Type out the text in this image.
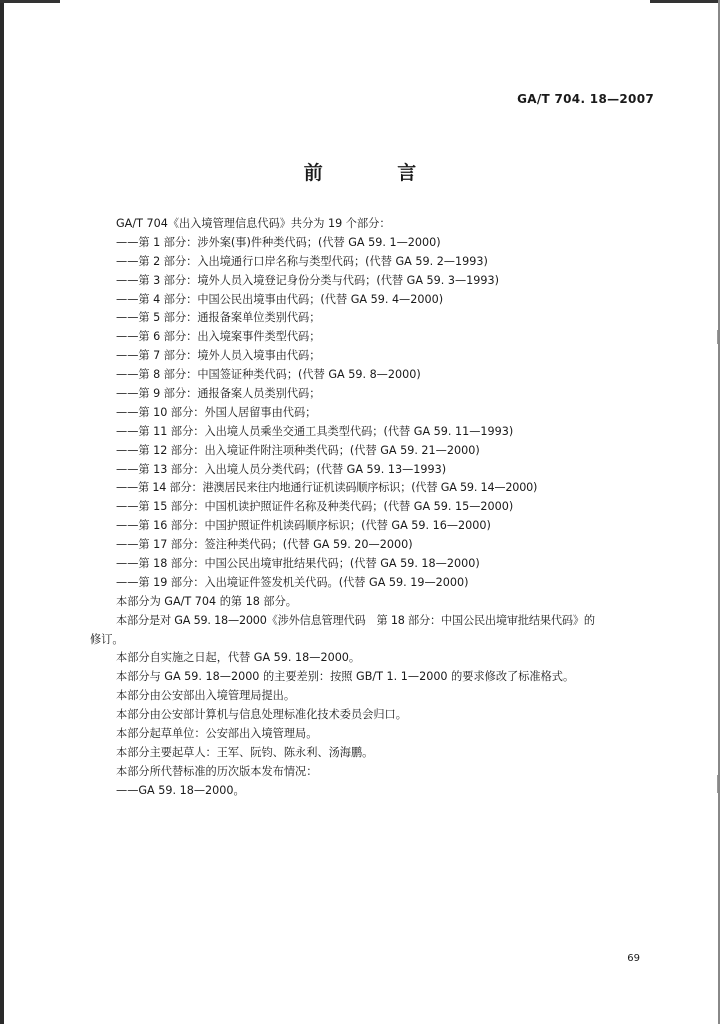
GA/T 704. 18—2007
前 言
GA/T 704《出入境管理信息代码》共分为 19 个部分：
——第 1 部分：涉外案(事)件种类代码；(代替 GA 59. 1—2000)
——第 2 部分：入出境通行口岸名称与类型代码；(代替 GA 59. 2—1993)
——第 3 部分：境外人员入境登记身份分类与代码；(代替 GA 59. 3—1993)
——第 4 部分：中国公民出境事由代码；(代替 GA 59. 4—2000)
——第 5 部分：通报备案单位类别代码；
——第 6 部分：出入境案事件类型代码；
——第 7 部分：境外人员入境事由代码；
——第 8 部分：中国签证种类代码；(代替 GA 59. 8—2000)
——第 9 部分：通报备案人员类别代码；
——第 10 部分：外国人居留事由代码；
——第 11 部分：入出境人员乘坐交通工具类型代码；(代替 GA 59. 11—1993)
——第 12 部分：出入境证件附注项种类代码；(代替 GA 59. 21—2000)
——第 13 部分：入出境人员分类代码；(代替 GA 59. 13—1993)
——第 14 部分：港澳居民来往内地通行证机读码顺序标识；(代替 GA 59. 14—2000)
——第 15 部分：中国机读护照证件名称及种类代码；(代替 GA 59. 15—2000)
——第 16 部分：中国护照证件机读码顺序标识；(代替 GA 59. 16—2000)
——第 17 部分：签注种类代码；(代替 GA 59. 20—2000)
——第 18 部分：中国公民出境审批结果代码；(代替 GA 59. 18—2000)
——第 19 部分：入出境证件签发机关代码。(代替 GA 59. 19—2000)
本部分为 GA/T 704 的第 18 部分。
本部分是对 GA 59. 18—2000《涉外信息管理代码　第 18 部分：中国公民出境审批结果代码》的
修订。
本部分自实施之日起，代替 GA 59. 18—2000。
本部分与 GA 59. 18—2000 的主要差别：按照 GB/T 1. 1—2000 的要求修改了标准格式。
本部分由公安部出入境管理局提出。
本部分由公安部计算机与信息处理标准化技术委员会归口。
本部分起草单位：公安部出入境管理局。
本部分主要起草人：王军、阮钧、陈永利、汤海鹏。
本部分所代替标准的历次版本发布情况：
——GA 59. 18—2000。
69
